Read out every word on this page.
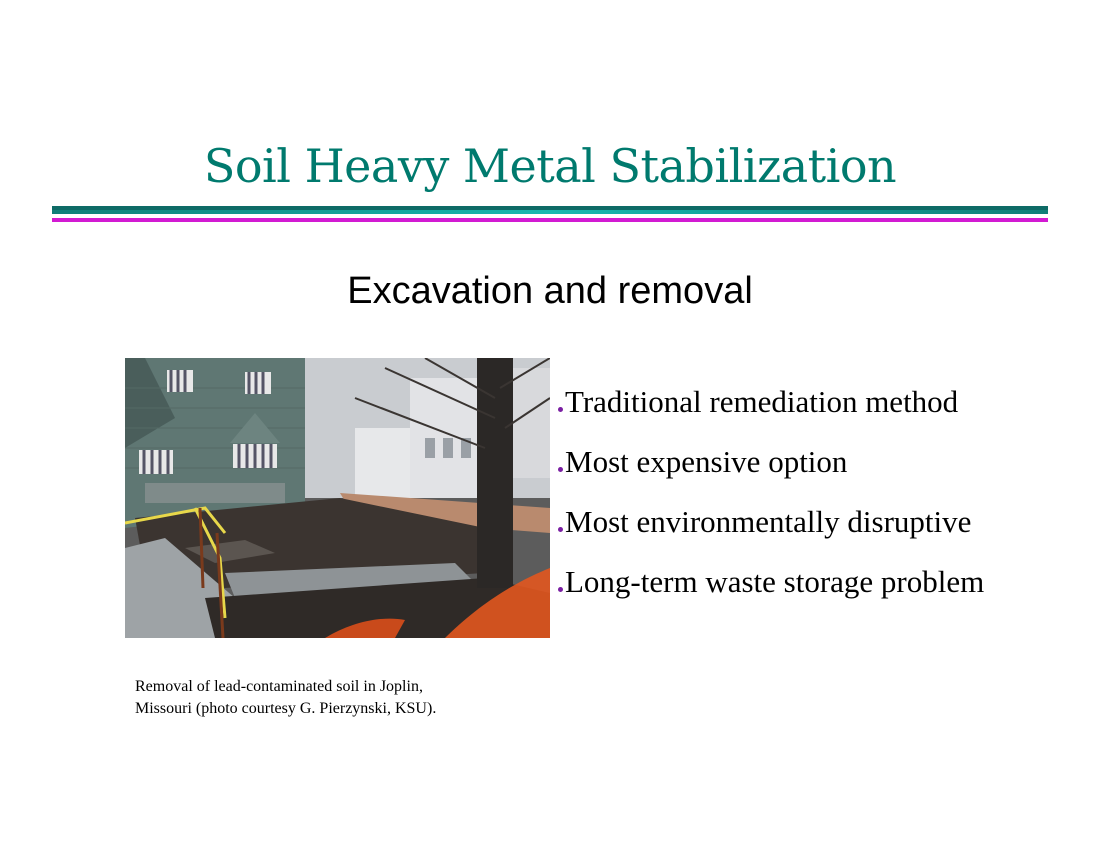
Soil Heavy Metal Stabilization
Excavation and removal
Traditional remediation method
Most expensive option
Most environmentally disruptive
Long-term waste storage problem
Removal of lead-contaminated soil in Joplin,
Missouri (photo courtesy G. Pierzynski, KSU).
